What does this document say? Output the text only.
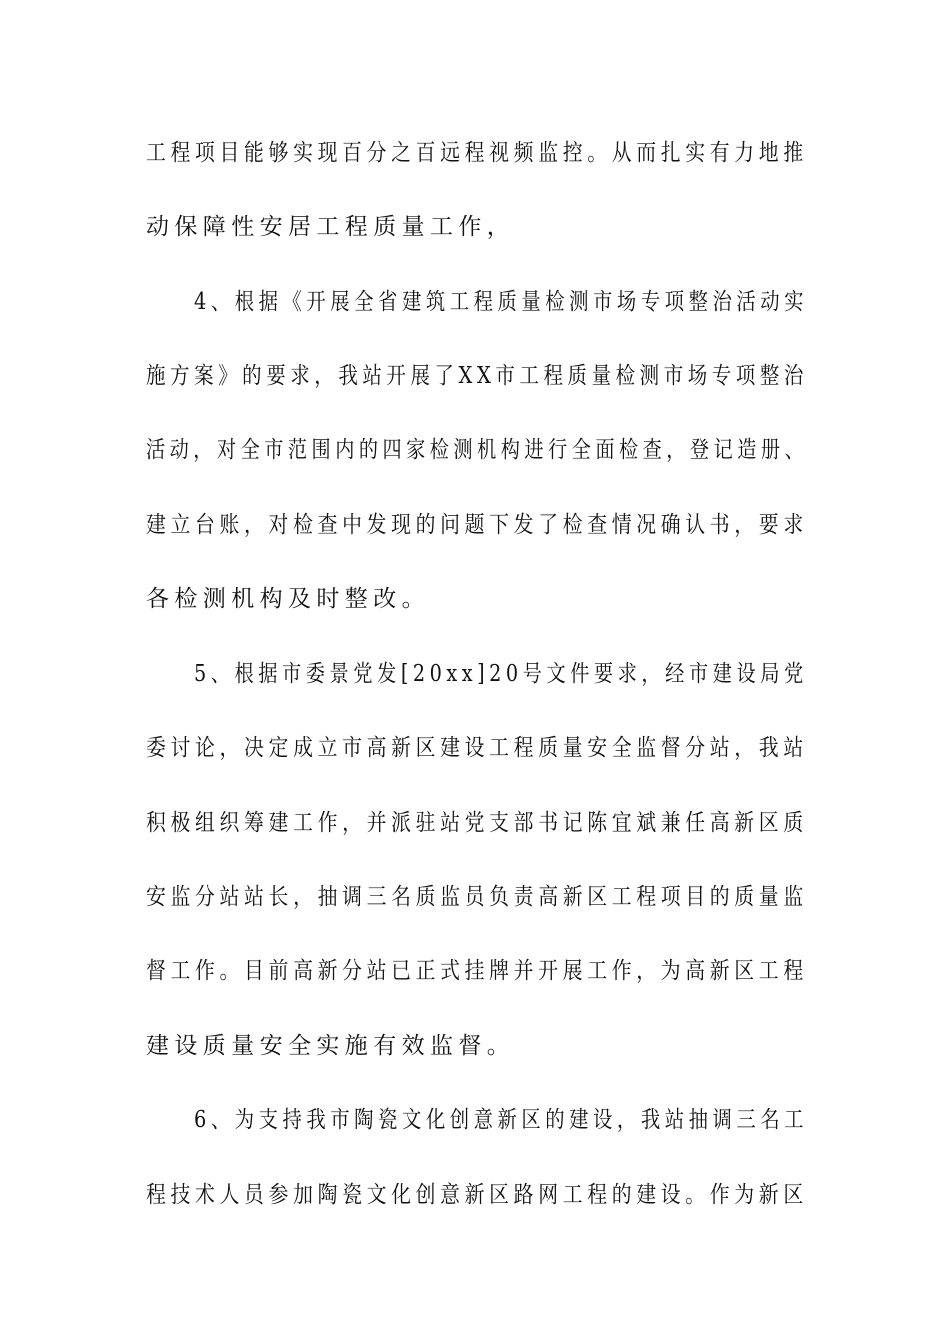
工程项目能够实现百分之百远程视频监控。从而扎实有力地推
动保障性安居工程质量工作，
4、根据《开展全省建筑工程质量检测市场专项整治活动实
施方案》的要求，我站开展了XX市工程质量检测市场专项整治
活动，对全市范围内的四家检测机构进行全面检查，登记造册、
建立台账，对检查中发现的问题下发了检查情况确认书，要求
各检测机构及时整改。
5、根据市委景党发[20xx]20号文件要求，经市建设局党
委讨论，决定成立市高新区建设工程质量安全监督分站，我站
积极组织筹建工作，并派驻站党支部书记陈宜斌兼任高新区质
安监分站站长，抽调三名质监员负责高新区工程项目的质量监
督工作。目前高新分站已正式挂牌并开展工作，为高新区工程
建设质量安全实施有效监督。
6、为支持我市陶瓷文化创意新区的建设，我站抽调三名工
程技术人员参加陶瓷文化创意新区路网工程的建设。作为新区
